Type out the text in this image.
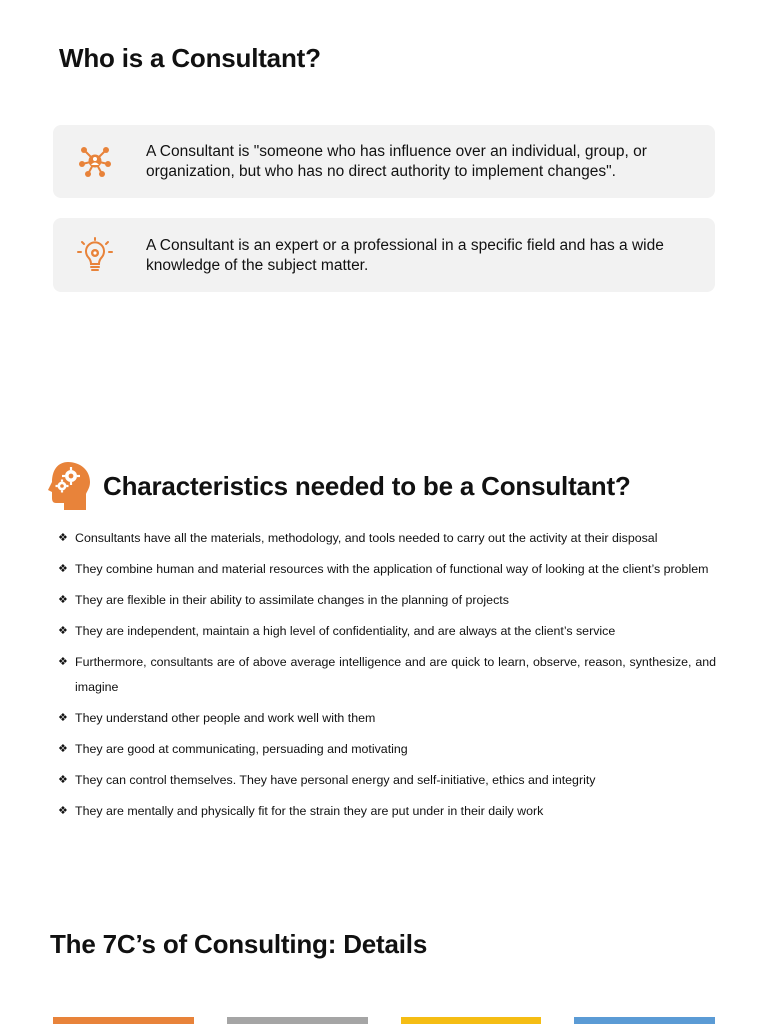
Who is a Consultant?
A Consultant is "someone who has influence over an individual, group, or organization, but who has no direct authority to implement changes".
A Consultant is an expert or a professional in a specific field and has a wide knowledge of the subject matter.
Characteristics needed to be a Consultant?
❖ Consultants have all the materials, methodology, and tools needed to carry out the activity at their disposal
❖ They combine human and material resources with the application of functional way of looking at the client’s problem
❖ They are flexible in their ability to assimilate changes in the planning of projects
❖ They are independent, maintain a high level of confidentiality, and are always at the client’s service
❖ Furthermore, consultants are of above average intelligence and are quick to learn, observe, reason, synthesize, and imagine
❖ They understand other people and work well with them
❖ They are good at communicating, persuading and motivating
❖ They can control themselves. They have personal energy and self-initiative, ethics and integrity
❖ They are mentally and physically fit for the strain they are put under in their daily work
The 7C’s of Consulting: Details
